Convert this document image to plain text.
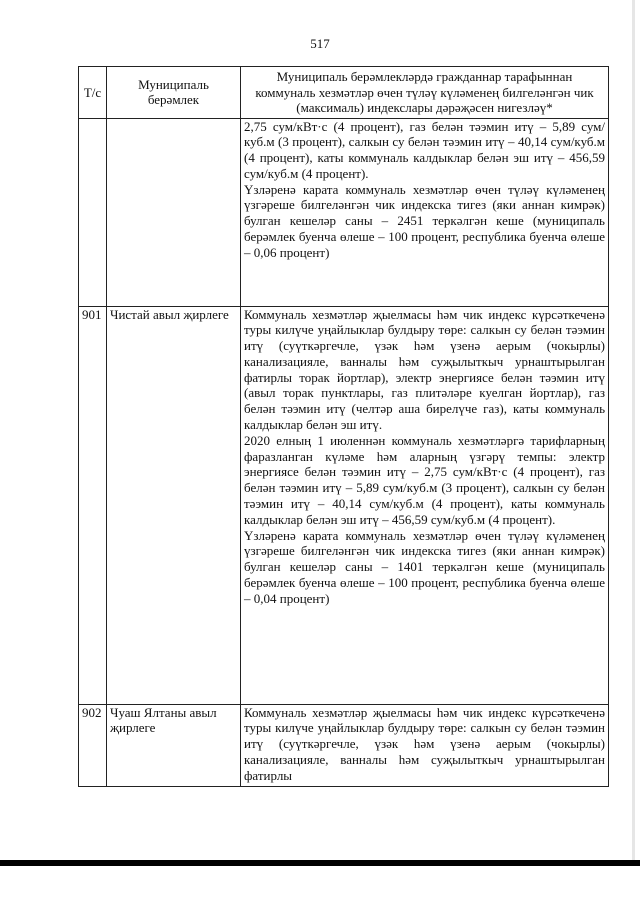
517
Т/с	Муниципаль берәмлек	Муниципаль берәмлекләрдә гражданнар тарафыннан коммуналь хезмәтләр өчен түләү күләменең билгеләнгән чик (максималь) индекслары дәрәҗәсен нигезләү*

		2,75 сум/кВт·с (4 процент), газ белән тәэмин итү – 5,89 сум/куб.м (3 процент), салкын су белән тәэмин итү – 40,14 сум/куб.м (4 процент), каты коммуналь калдыклар белән эш итү – 456,59 сум/куб.м (4 процент).
Үзләренә карата коммуналь хезмәтләр өчен түләү күләменең үзгәреше билгеләнгән чик индекска тигез (яки аннан кимрәк) булган кешеләр саны – 2451 теркәлгән кеше (муниципаль берәмлек буенча өлеше – 100 процент, республика буенча өлеше – 0,06 процент)

901	Чистай авыл җирлеге	Коммуналь хезмәтләр җыелмасы һәм чик индекс күрсәткеченә туры килүче уңайлыклар булдыру төре: салкын су белән тәэмин итү (суүткәргечле, үзәк һәм үзенә аерым (чокырлы) канализацияле, ванналы һәм суҗылыткыч урнаштырылган фатирлы торак йортлар), электр энергиясе белән тәэмин итү (авыл торак пунктлары, газ плитәләре куелган йортлар), газ белән тәэмин итү (челтәр аша бирелүче газ), каты коммуналь калдыклар белән эш итү.
2020 елның 1 июленнән коммуналь хезмәтләргә тарифларның фаразланган күләме һәм аларның үзгәрү темпы: электр энергиясе белән тәэмин итү – 2,75 сум/кВт·с (4 процент), газ белән тәэмин итү – 5,89 сум/куб.м (3 процент), салкын су белән тәэмин итү – 40,14 сум/куб.м (4 процент), каты коммуналь калдыклар белән эш итү – 456,59 сум/куб.м (4 процент).
Үзләренә карата коммуналь хезмәтләр өчен түләү күләменең үзгәреше билгеләнгән чик индекска тигез (яки аннан кимрәк) булган кешеләр саны – 1401 теркәлгән кеше (муниципаль берәмлек буенча өлеше – 100 процент, республика буенча өлеше – 0,04 процент)

902	Чуаш Ялтаны авыл җирлеге	Коммуналь хезмәтләр җыелмасы һәм чик индекс күрсәткеченә туры килүче уңайлыклар булдыру төре: салкын су белән тәэмин итү (суүткәргечле, үзәк һәм үзенә аерым (чокырлы) канализацияле, ванналы һәм суҗылыткыч урнаштырылган фатирлы
